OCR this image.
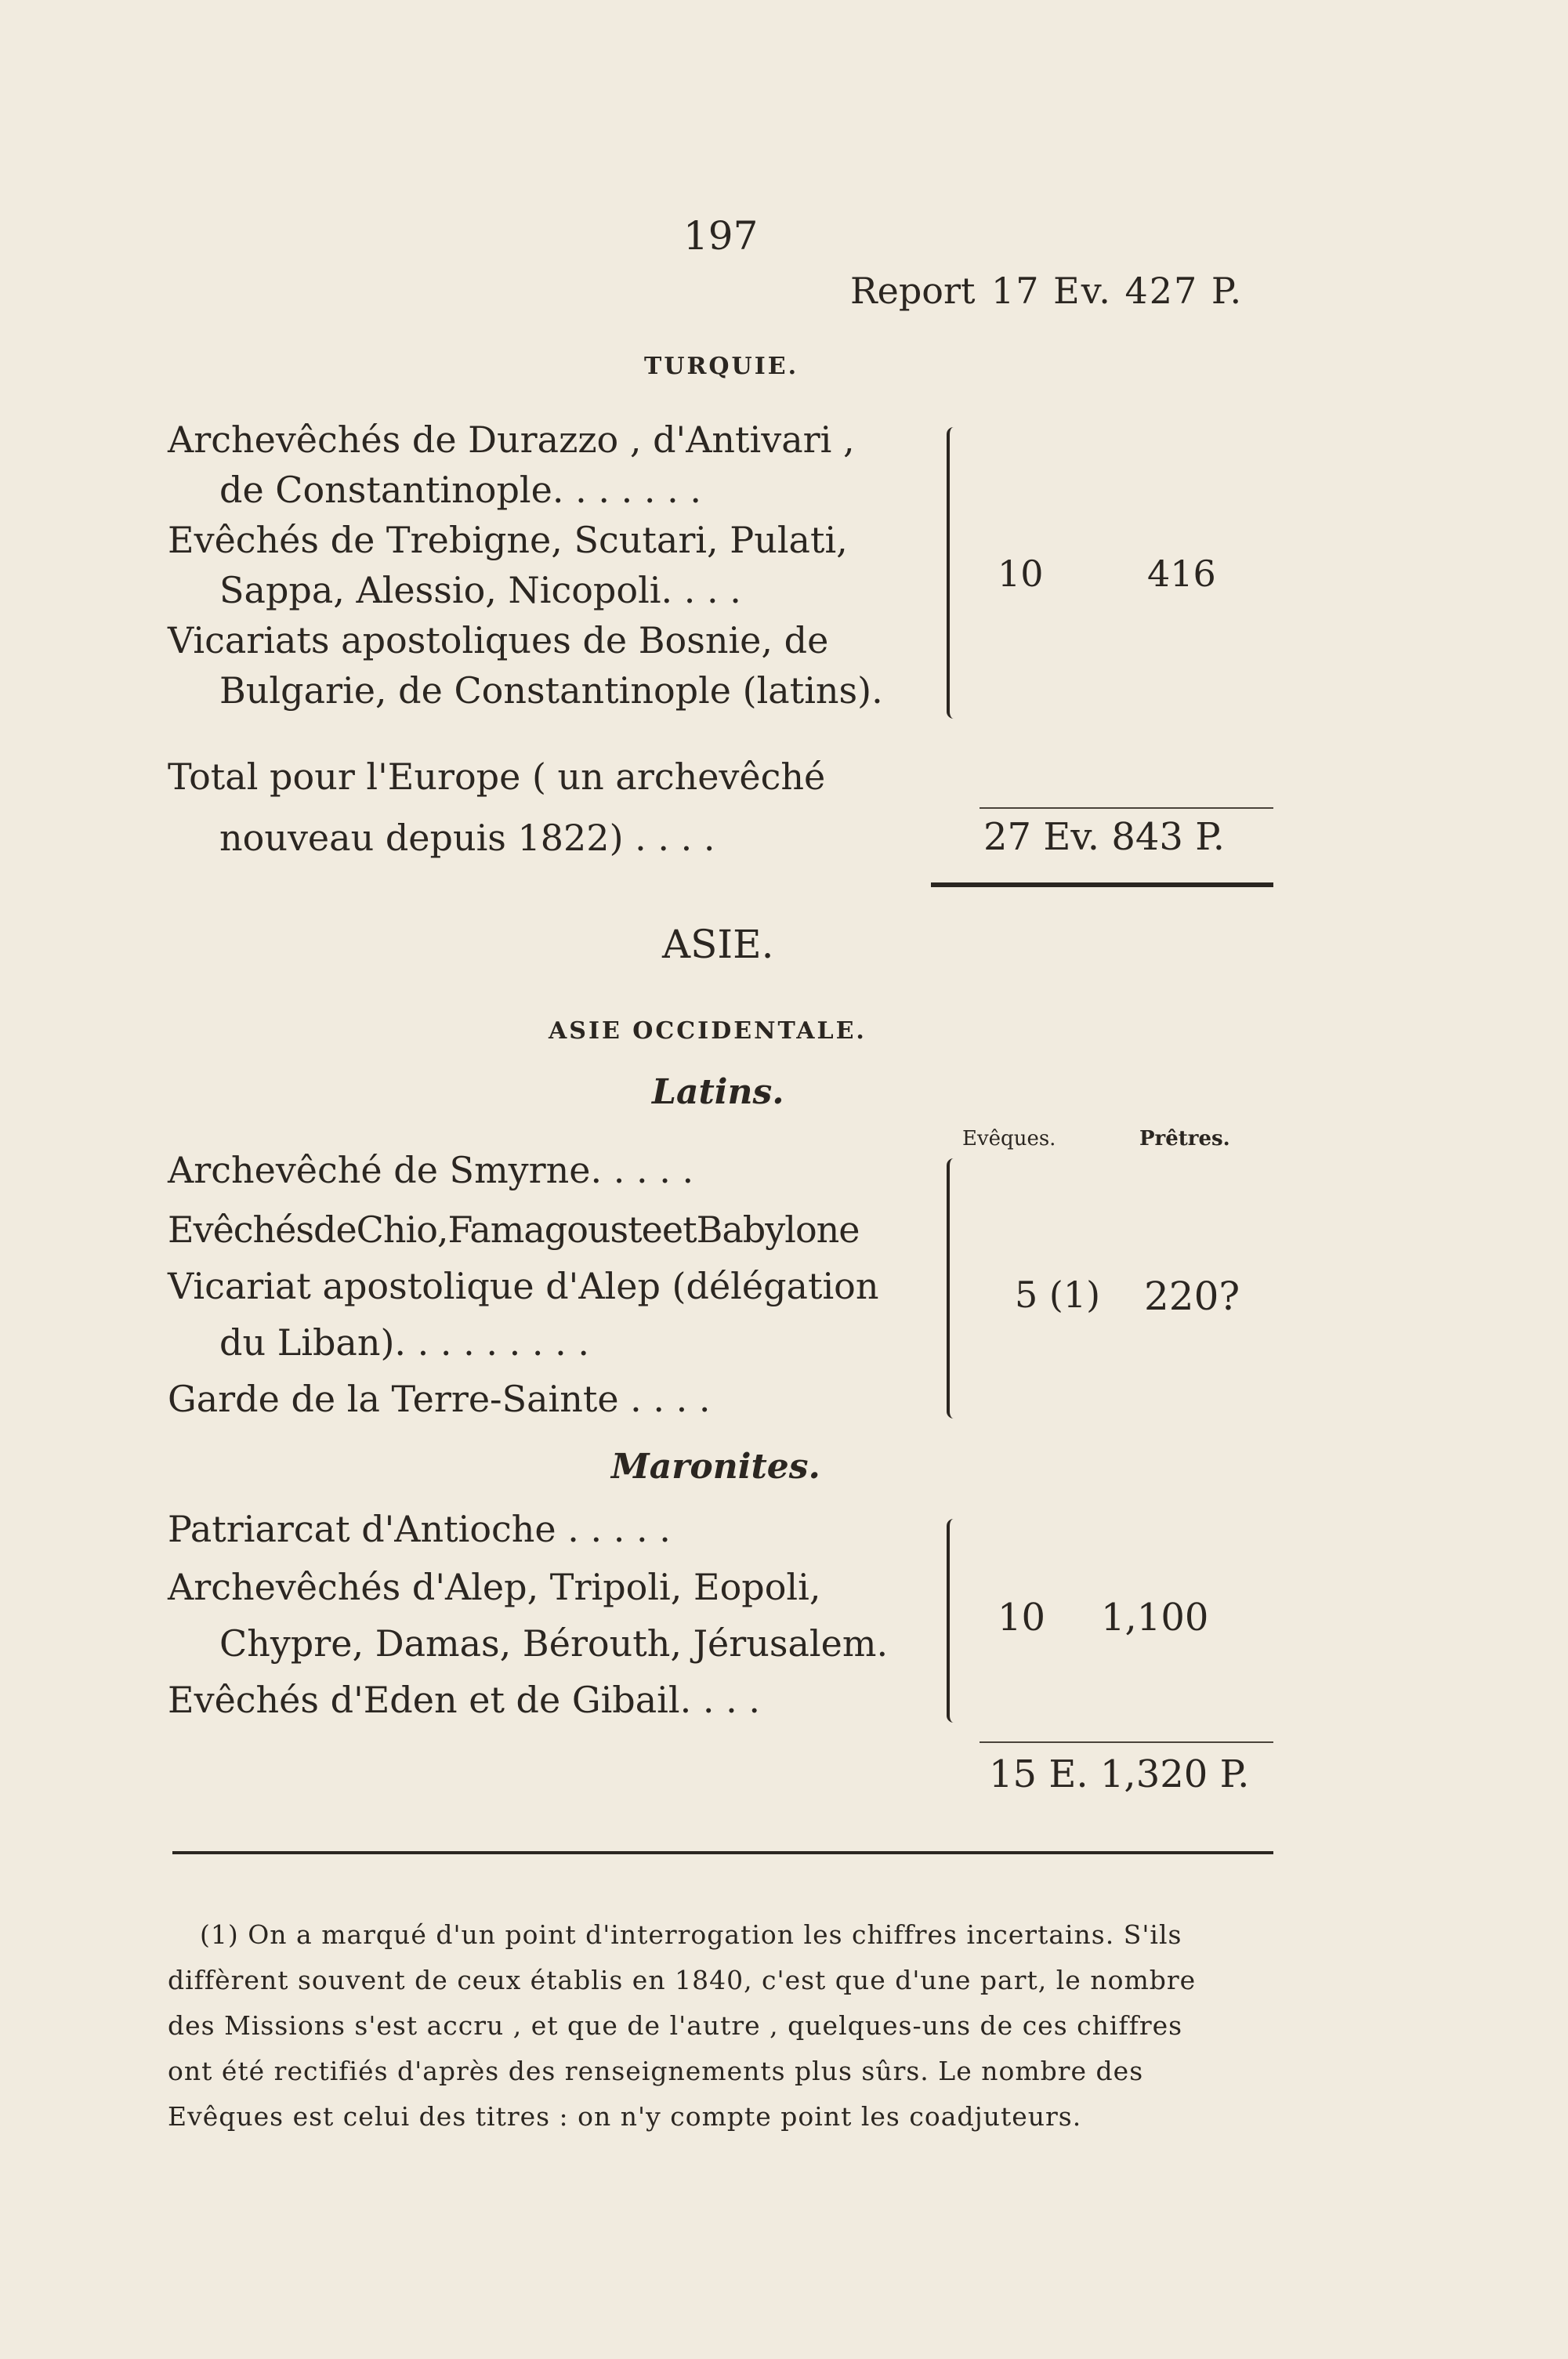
197
Report 17 Ev. 427 P.
TURQUIE.
Archevêchés de Durazzo , d'Antivari ,
de Constantinople. . . . . . .
Evêchés de Trebigne, Scutari, Pulati,
Sappa, Alessio, Nicopoli. . . .
Vicariats apostoliques de Bosnie, de
Bulgarie, de Constantinople (latins).
10	416
Total pour l'Europe ( un archevêché
nouveau depuis 1822) . . . .	27 Ev. 843 P.
ASIE.
ASIE OCCIDENTALE.
Latins.
Evêques.	Prêtres.
Archevêché de Smyrne. . . . .
EvêchésdeChio,FamagousteetBabylone
Vicariat apostolique d'Alep (délégation
du Liban). . . . . . . . .
Garde de la Terre-Sainte . . . .
5 (1) 220?
Maronites.
Patriarcat d'Antioche . . . . .
Archevêchés d'Alep, Tripoli, Eopoli,
Chypre, Damas, Bérouth, Jérusalem.
Evêchés d'Eden et de Gibail. . . .
10 1,100
15 E. 1,320 P.
(1) On a marqué d'un point d'interrogation les chiffres incertains. S'ils
diffèrent souvent de ceux établis en 1840, c'est que d'une part, le nombre
des Missions s'est accru , et que de l'autre , quelques-uns de ces chiffres
ont été rectifiés d'après des renseignements plus sûrs. Le nombre des
Evêques est celui des titres : on n'y compte point les coadjuteurs.
